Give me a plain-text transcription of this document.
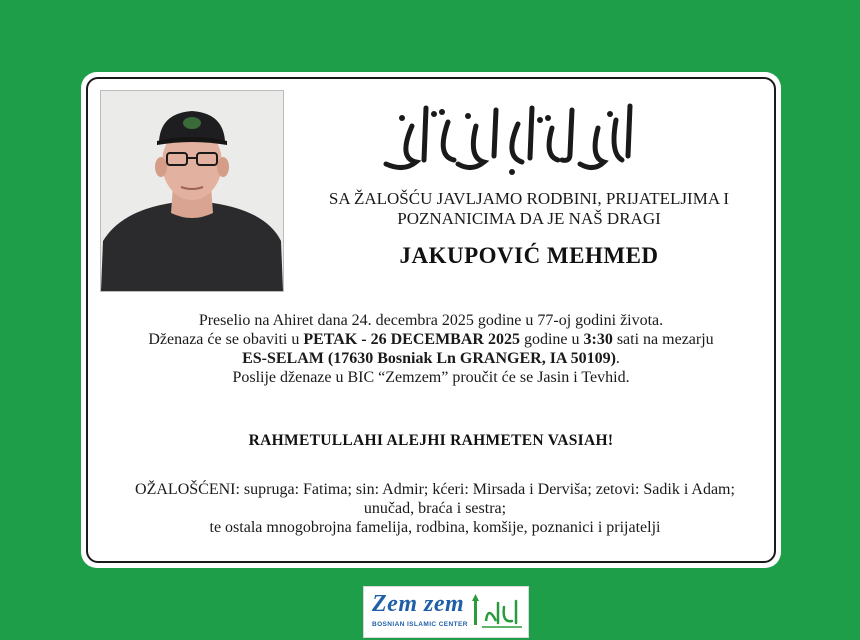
SA ŽALOŠĆU JAVLJAMO RODBINI, PRIJATELJIMA I POZNANICIMA DA JE NAŠ DRAGI
JAKUPOVIĆ MEHMED
Preselio na Ahiret dana 24. decembra 2025 godine u 77-oj godini života.
Dženaza će se obaviti u PETAK - 26 DECEMBAR 2025 godine u 3:30 sati na mezarju
ES-SELAM (17630 Bosniak Ln GRANGER, IA 50109).
Poslije dženaze u BIC “Zemzem” proučit će se Jasin i Tevhid.
RAHMETULLAHI ALEJHI RAHMETEN VASIAH!
OŽALOŠĆENI: supruga: Fatima; sin: Admir; kćeri: Mirsada i Derviša; zetovi: Sadik i Adam; unučad, braća i sestra;
te ostala mnogobrojna famelija, rodbina, komšije, poznanici i prijatelji
Zem zem
BOSNIAN ISLAMIC CENTER
